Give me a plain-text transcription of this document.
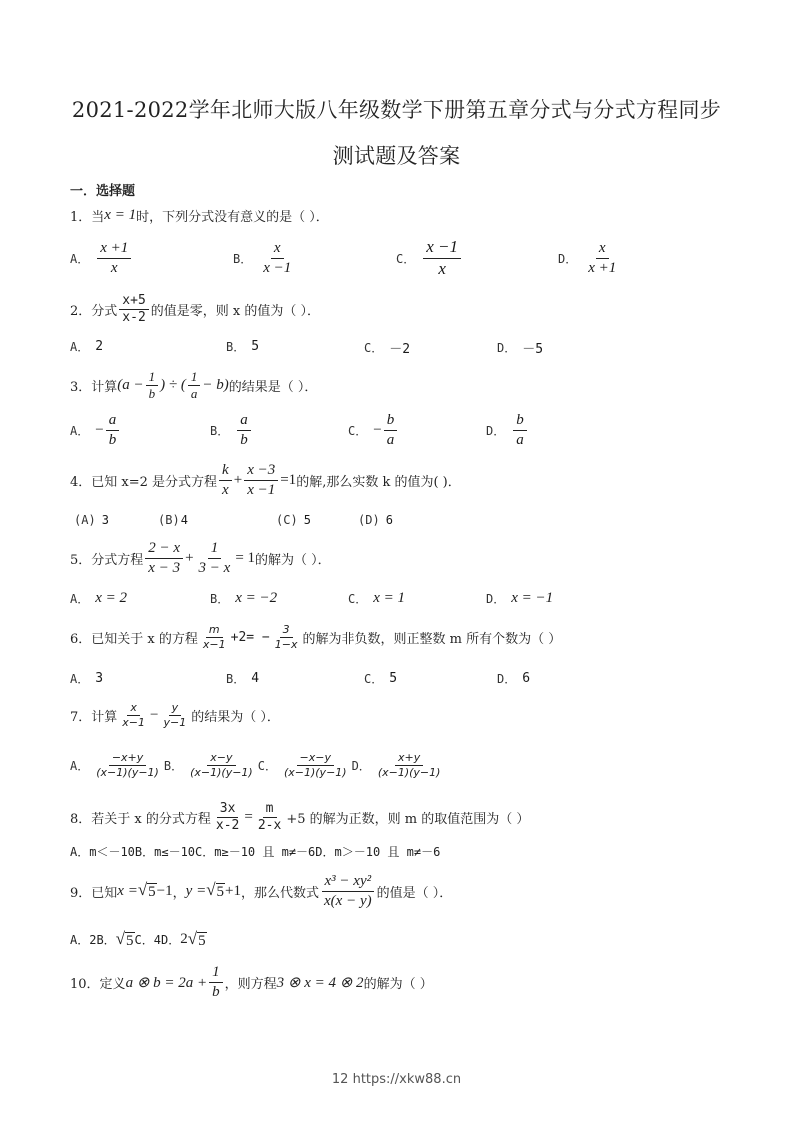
2021-2022学年北师大版八年级数学下册第五章分式与分式方程同步
测试题及答案
一．选择题
1． 当 x = 1 时，下列分式没有意义的是（ ）．
A． $\frac{x +1}{x}$	B． $\frac{x}{x -1}$	C． $\frac{x -1}{x}$	D． $\frac{x}{x +1}$
2． 分式 $\frac{x+5}{x-2}$ 的值是零，则 x 的值为（ ）．
A． 2	B． 5	C． －2	D． －5
3． 计算 ($a - \frac{1}{b}$ ) ÷ ( $\frac{1}{a} - b$) 的结果是（ ）．
A． − $\frac{a}{b}$	B． $\frac{a}{b}$	C． − $\frac{b}{a}$	D． $\frac{b}{a}$
4． 已知 x=2 是分式方程 $\frac{k}{x} + \frac{x -3}{x -1} =1$ 的解,那么实数 k 的值为( )．
(A) 3	(B) 4	(C) 5	(D) 6
5． 分式方程 $\frac{2 - x}{x - 3} + \frac{1}{3 - x} = 1$ 的解为（ ）．
A． x = 2	B． x = −2	C． x = 1	D． x = −1
6． 已知关于 x 的方程 $\frac{m}{x-1} +2= - \frac{3}{1-x}$ 的解为非负数，则正整数 m 所有个数为（ ）
A． 3	B． 4	C． 5	D． 6
7． 计算 $\frac{x}{x-1} - \frac{y}{y-1}$ 的结果为（ ）．
A． $\frac{-x+y}{(x-1)(y-1)}$ B． $\frac{x-y}{(x-1)(y-1)}$ C． $\frac{-x-y}{(x-1)(y-1)}$ D． $\frac{x+y}{(x-1)(y-1)}$
8． 若关于 x 的分式方程 $\frac{3x}{x-2} = \frac{m}{2-x} +5$ 的解为正数，则 m 的取值范围为（ ）
A．m＜－10B．m≤－10C．m≥－10 且 m≠－6D．m＞－10 且 m≠－6
9． 已知 x = √ 5 −1 ， y = √ 5 +1 ，那么代数式 $\frac{\text{x³ − xy²}}{x(x - y)}$ 的值是（ ）．
A．2B． √ 5 C．4D． 2 √ 5
10． 定义 a ⊗ $b = 2a + \frac{1}{b}$ ，则方程 3 ⊗ x = 4 ⊗ 2 的解为（ ）
12 https://xkw88.cn
